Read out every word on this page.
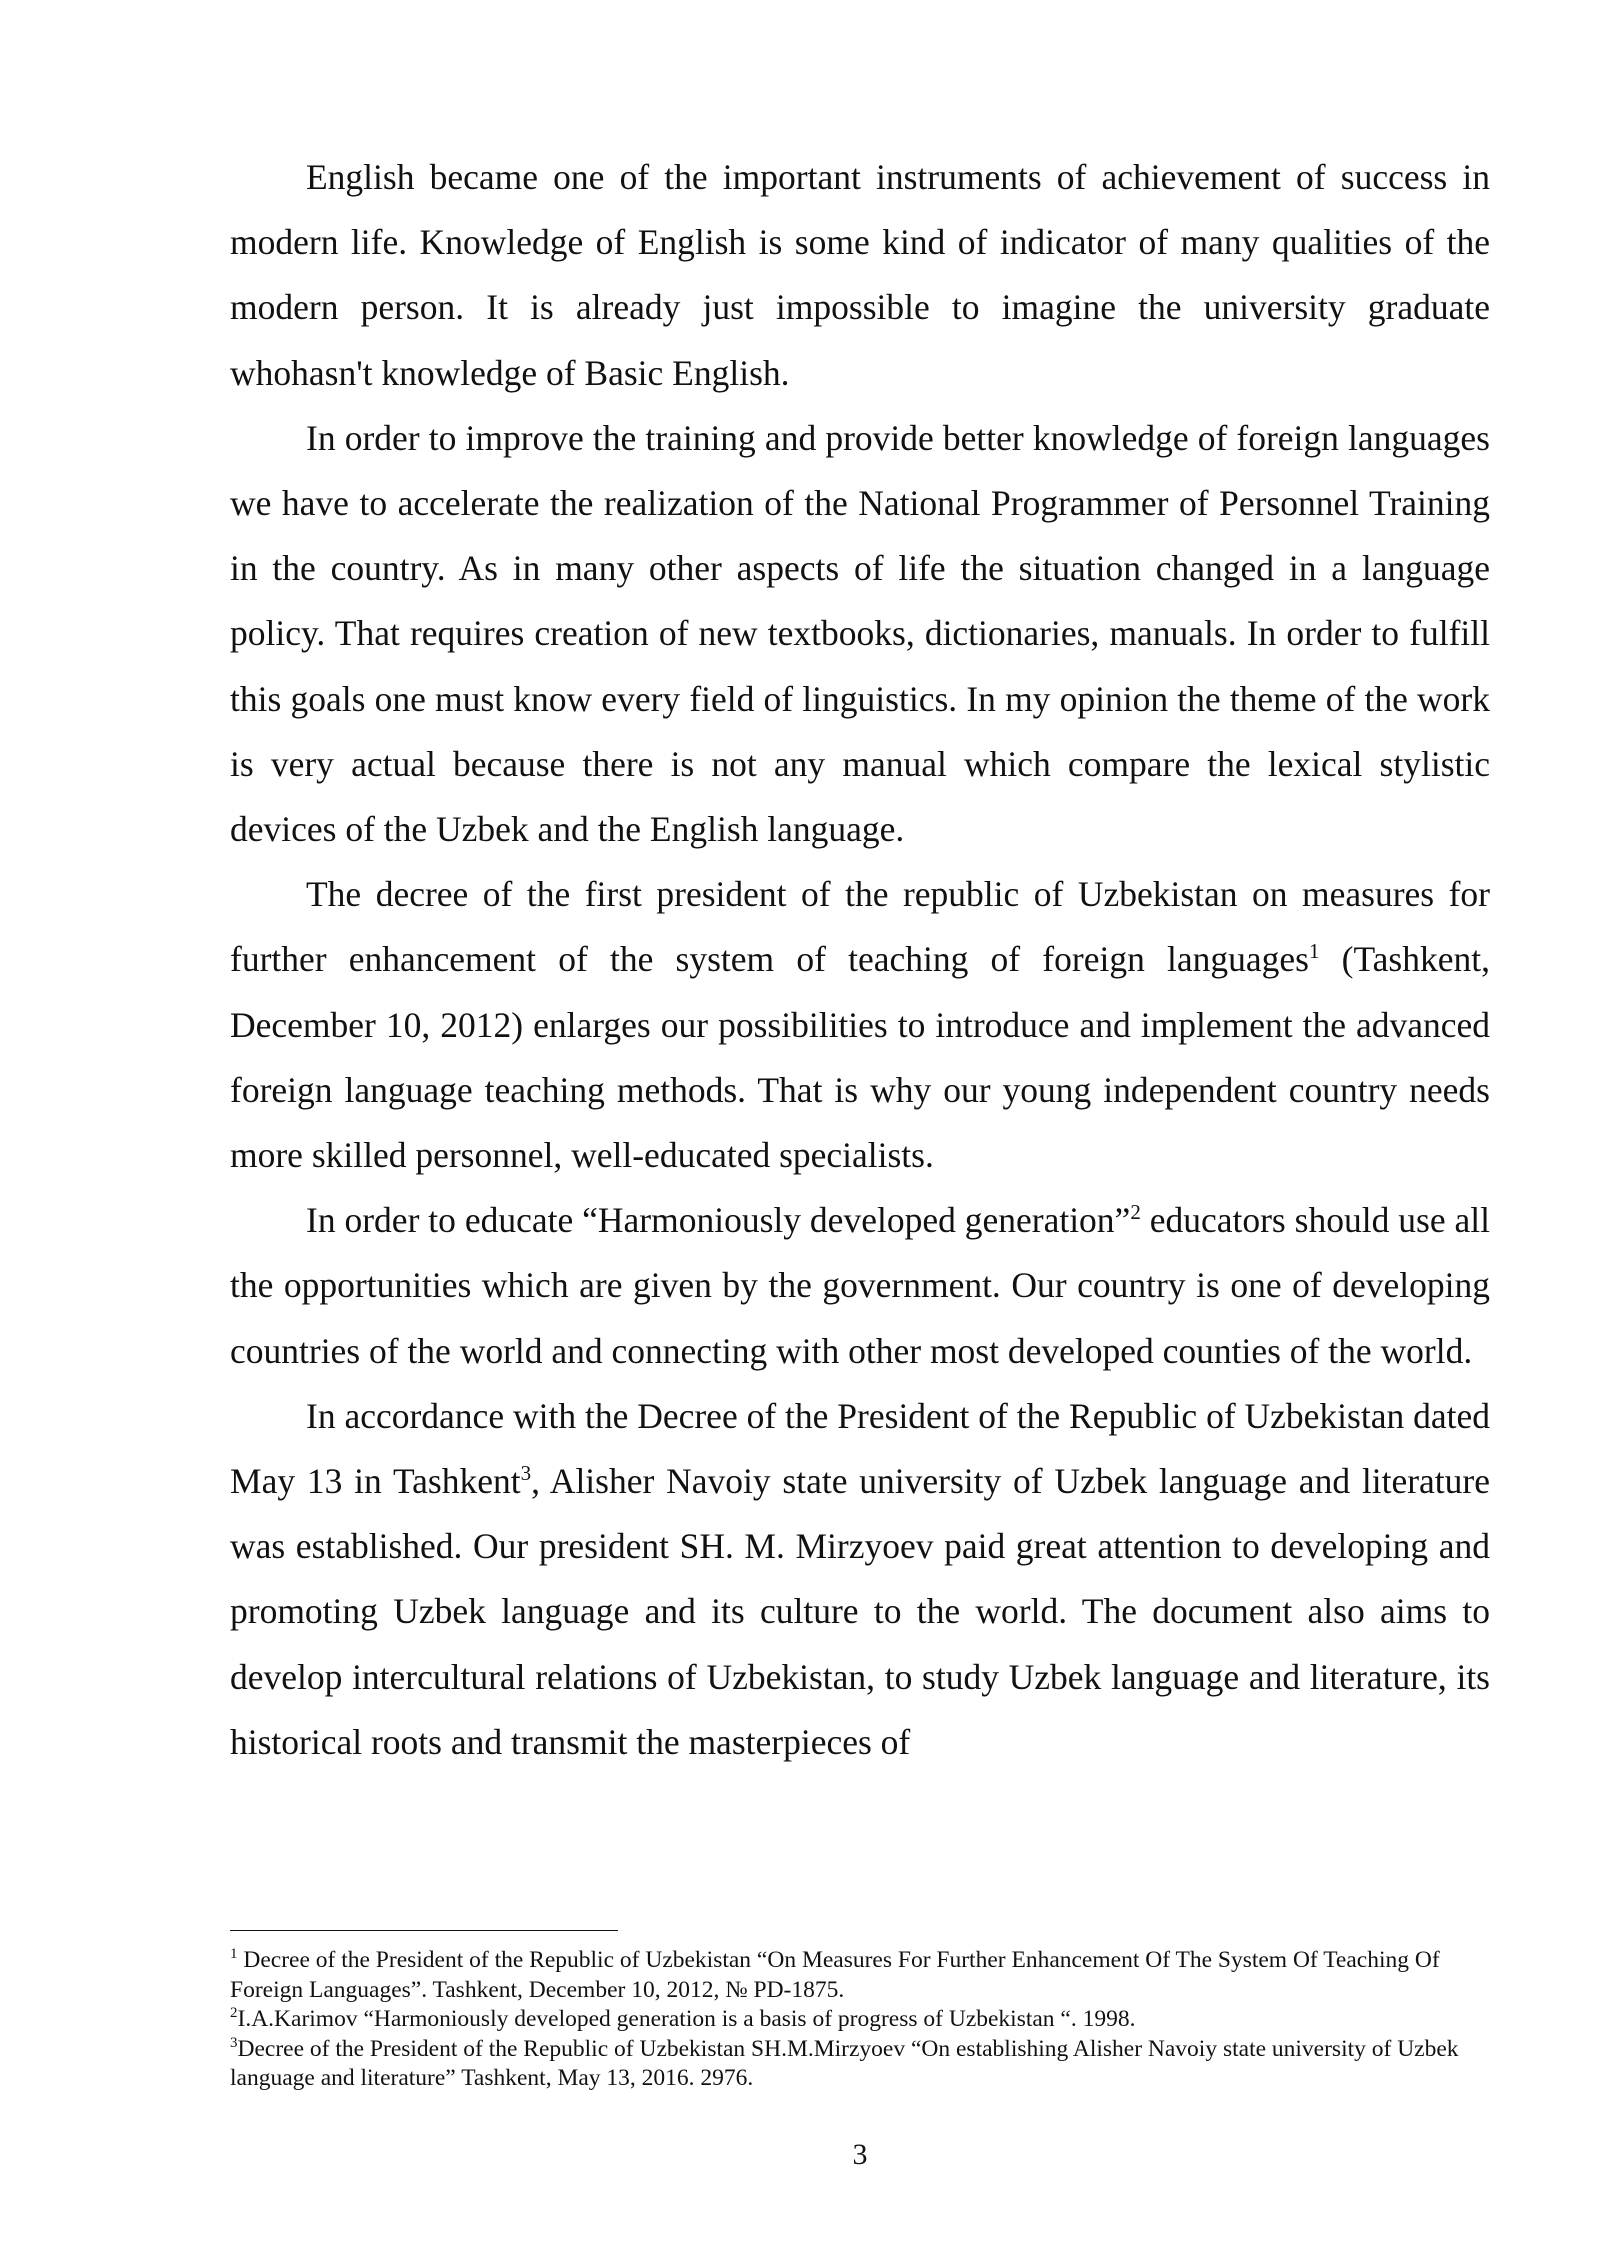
English became one of the important instruments of achievement of success in modern life. Knowledge of English is some kind of indicator of many qualities of the modern person. It is already just impossible to imagine the university graduate whohasn't knowledge of Basic English.

In order to improve the training and provide better knowledge of foreign languages we have to accelerate the realization of the National Programmer of Personnel Training in the country. As in many other aspects of life the situation changed in a language policy. That requires creation of new textbooks, dictionaries, manuals. In order to fulfill this goals one must know every field of linguistics. In my opinion the theme of the work is very actual because there is not any manual which compare the lexical stylistic devices of the Uzbek and the English language.

The decree of the first president of the republic of Uzbekistan on measures for further enhancement of the system of teaching of foreign languages$^1$ (Tashkent, December 10, 2012) enlarges our possibilities to introduce and implement the advanced foreign language teaching methods. That is why our young independent country needs more skilled personnel, well-educated specialists.

In order to educate “Harmoniously developed generation”$^2$ educators should use all the opportunities which are given by the government. Our country is one of developing countries of the world and connecting with other most developed counties of the world.

In accordance with the Decree of the President of the Republic of Uzbekistan dated May 13 in Tashkent$^3$, Alisher Navoiy state university of Uzbek language and literature was established. Our president SH. M. Mirzyoev paid great attention to developing and promoting Uzbek language and its culture to the world. The document also aims to develop intercultural relations of Uzbekistan, to study Uzbek language and literature, its historical roots and transmit the masterpieces of

$^1$ Decree of the President of the Republic of Uzbekistan “On Measures For Further Enhancement Of The System Of Teaching Of Foreign Languages”. Tashkent, December 10, 2012, № PD-1875.

$^2$I.A.Karimov “Harmoniously developed generation is a basis of progress of Uzbekistan “. 1998.

$^3$Decree of the President of the Republic of Uzbekistan SH.M.Mirzyoev “On establishing Alisher Navoiy state university of Uzbek language and literature” Tashkent, May 13, 2016. 2976.

3
